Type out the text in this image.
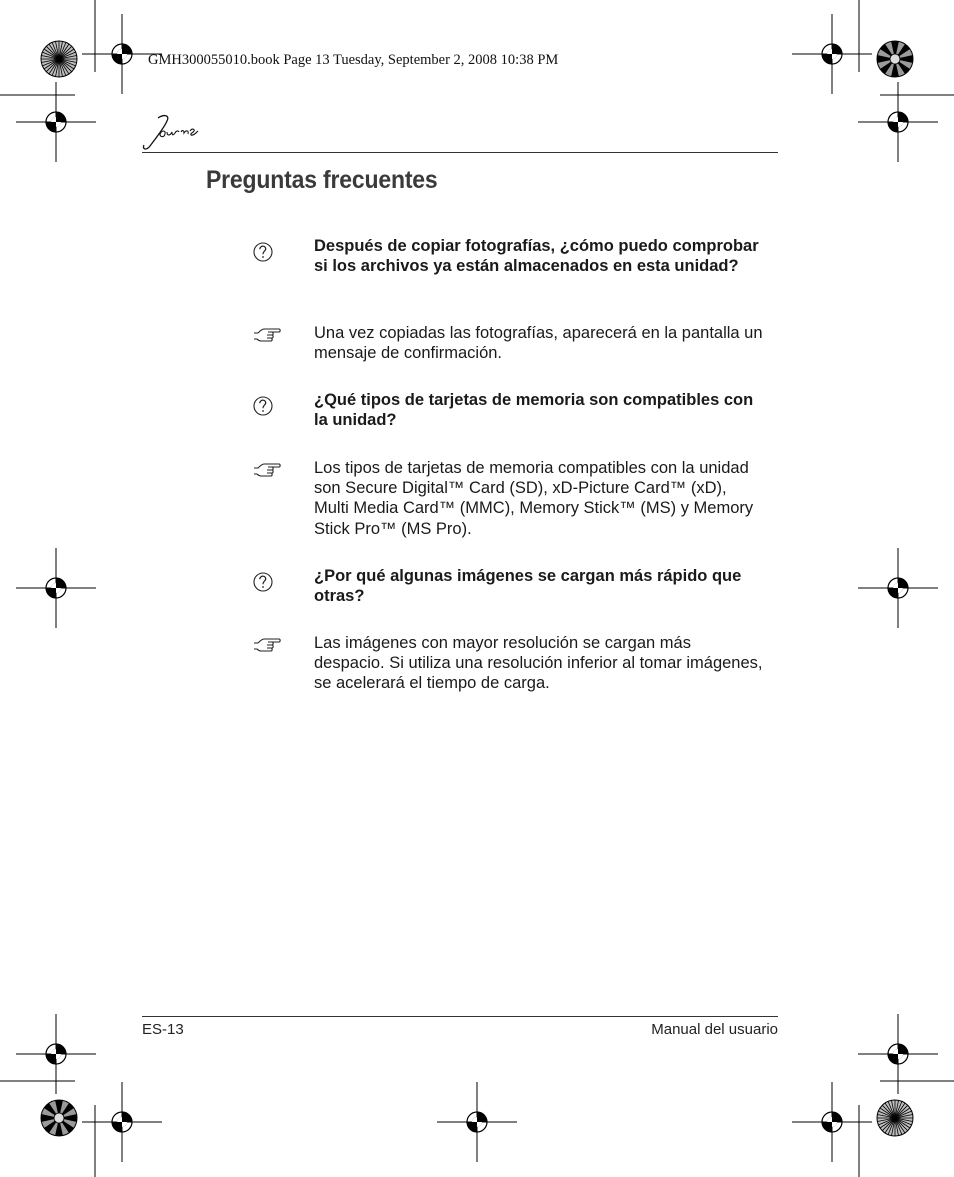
GMH300055010.book Page 13 Tuesday, September 2, 2008 10:38 PM
Preguntas frecuentes
Después de copiar fotografías, ¿cómo puedo comprobar si los archivos ya están almacenados en esta unidad?
Una vez copiadas las fotografías, aparecerá en la pantalla un mensaje de confirmación.
¿Qué tipos de tarjetas de memoria son compatibles con la unidad?
Los tipos de tarjetas de memoria compatibles con la unidad son Secure Digital™ Card (SD), xD-Picture Card™ (xD), Multi Media Card™ (MMC), Memory Stick™ (MS) y Memory Stick Pro™ (MS Pro).
¿Por qué algunas imágenes se cargan más rápido que otras?
Las imágenes con mayor resolución se cargan más despacio. Si utiliza una resolución inferior al tomar imágenes, se acelerará el tiempo de carga.
ES-13	Manual del usuario
